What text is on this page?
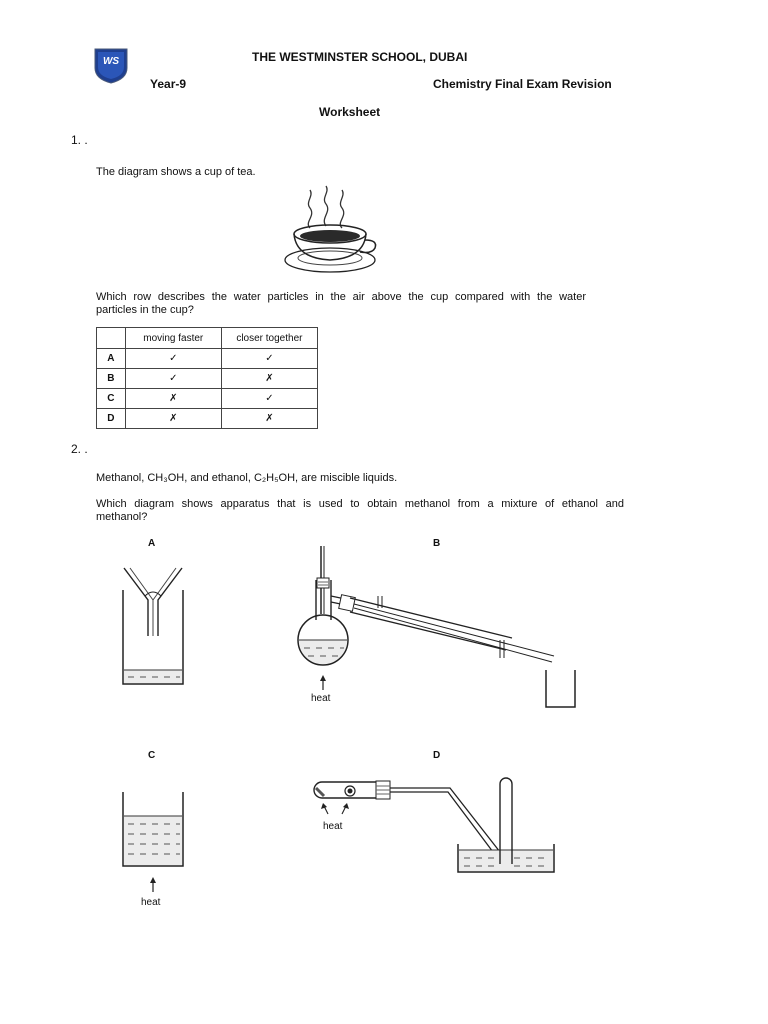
WS	THE WESTMINSTER SCHOOL, DUBAI
Year-9	Chemistry Final Exam Revision
Worksheet
1. .
The diagram shows a cup of tea.
Which row describes the water particles in the air above the cup compared with the water
particles in the cup?
	moving faster	closer together
A	✓	✓
B	✓	✗
C	✗	✓
D	✗	✗
2. .
Methanol, CH₃OH, and ethanol, C₂H₅OH, are miscible liquids.
Which diagram shows apparatus that is used to obtain methanol from a mixture of ethanol and
methanol?
A	B
C	D
heat
heat
heat
